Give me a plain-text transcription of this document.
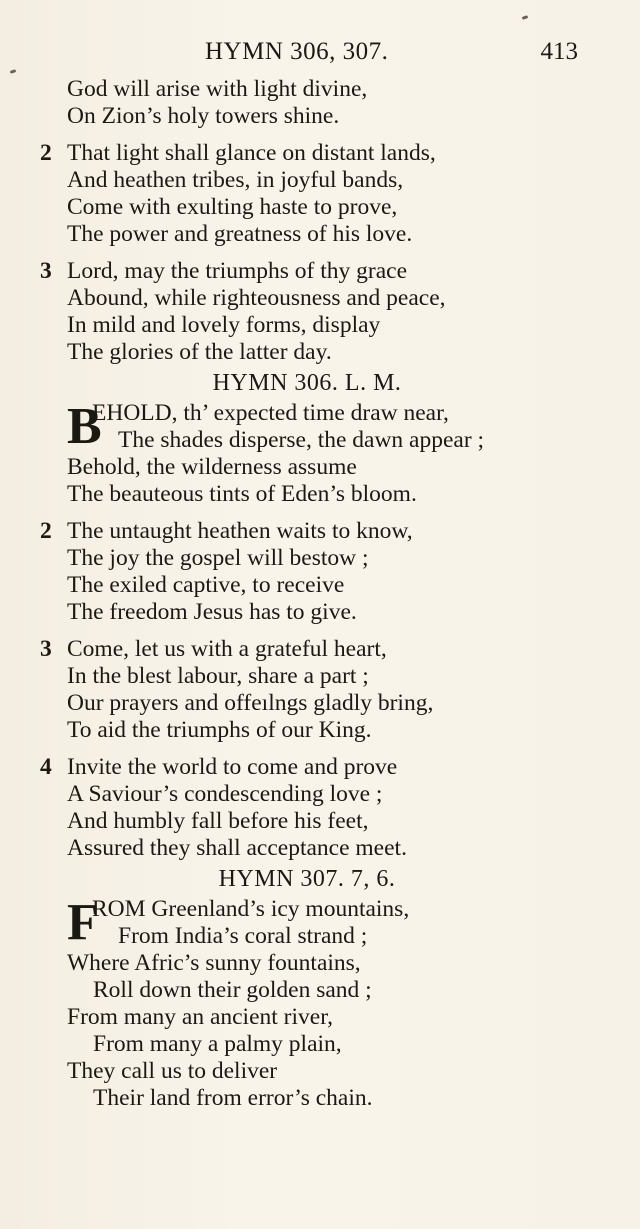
HYMN 306, 307.	413
God will arise with light divine,
On Zion’s holy towers shine.
2 That light shall glance on distant lands,
And heathen tribes, in joyful bands,
Come with exulting haste to prove,
The power and greatness of his love.
3 Lord, may the triumphs of thy grace
Abound, while righteousness and peace,
In mild and lovely forms, display
The glories of the latter day.
HYMN 306. L. M.
B
EHOLD, th’ expected time draw near,
The shades disperse, the dawn appear ;
Behold, the wilderness assume
The beauteous tints of Eden’s bloom.
2 The untaught heathen waits to know,
The joy the gospel will bestow ;
The exiled captive, to receive
The freedom Jesus has to give.
3 Come, let us with a grateful heart,
In the blest labour, share a part ;
Our prayers and offeılngs gladly bring,
To aid the triumphs of our King.
4 Invite the world to come and prove
A Saviour’s condescending love ;
And humbly fall before his feet,
Assured they shall acceptance meet.
HYMN 307. 7, 6.
F
ROM Greenland’s icy mountains,
From India’s coral strand ;
Where Afric’s sunny fountains,
Roll down their golden sand ;
From many an ancient river,
From many a palmy plain,
They call us to deliver
Their land from error’s chain.
